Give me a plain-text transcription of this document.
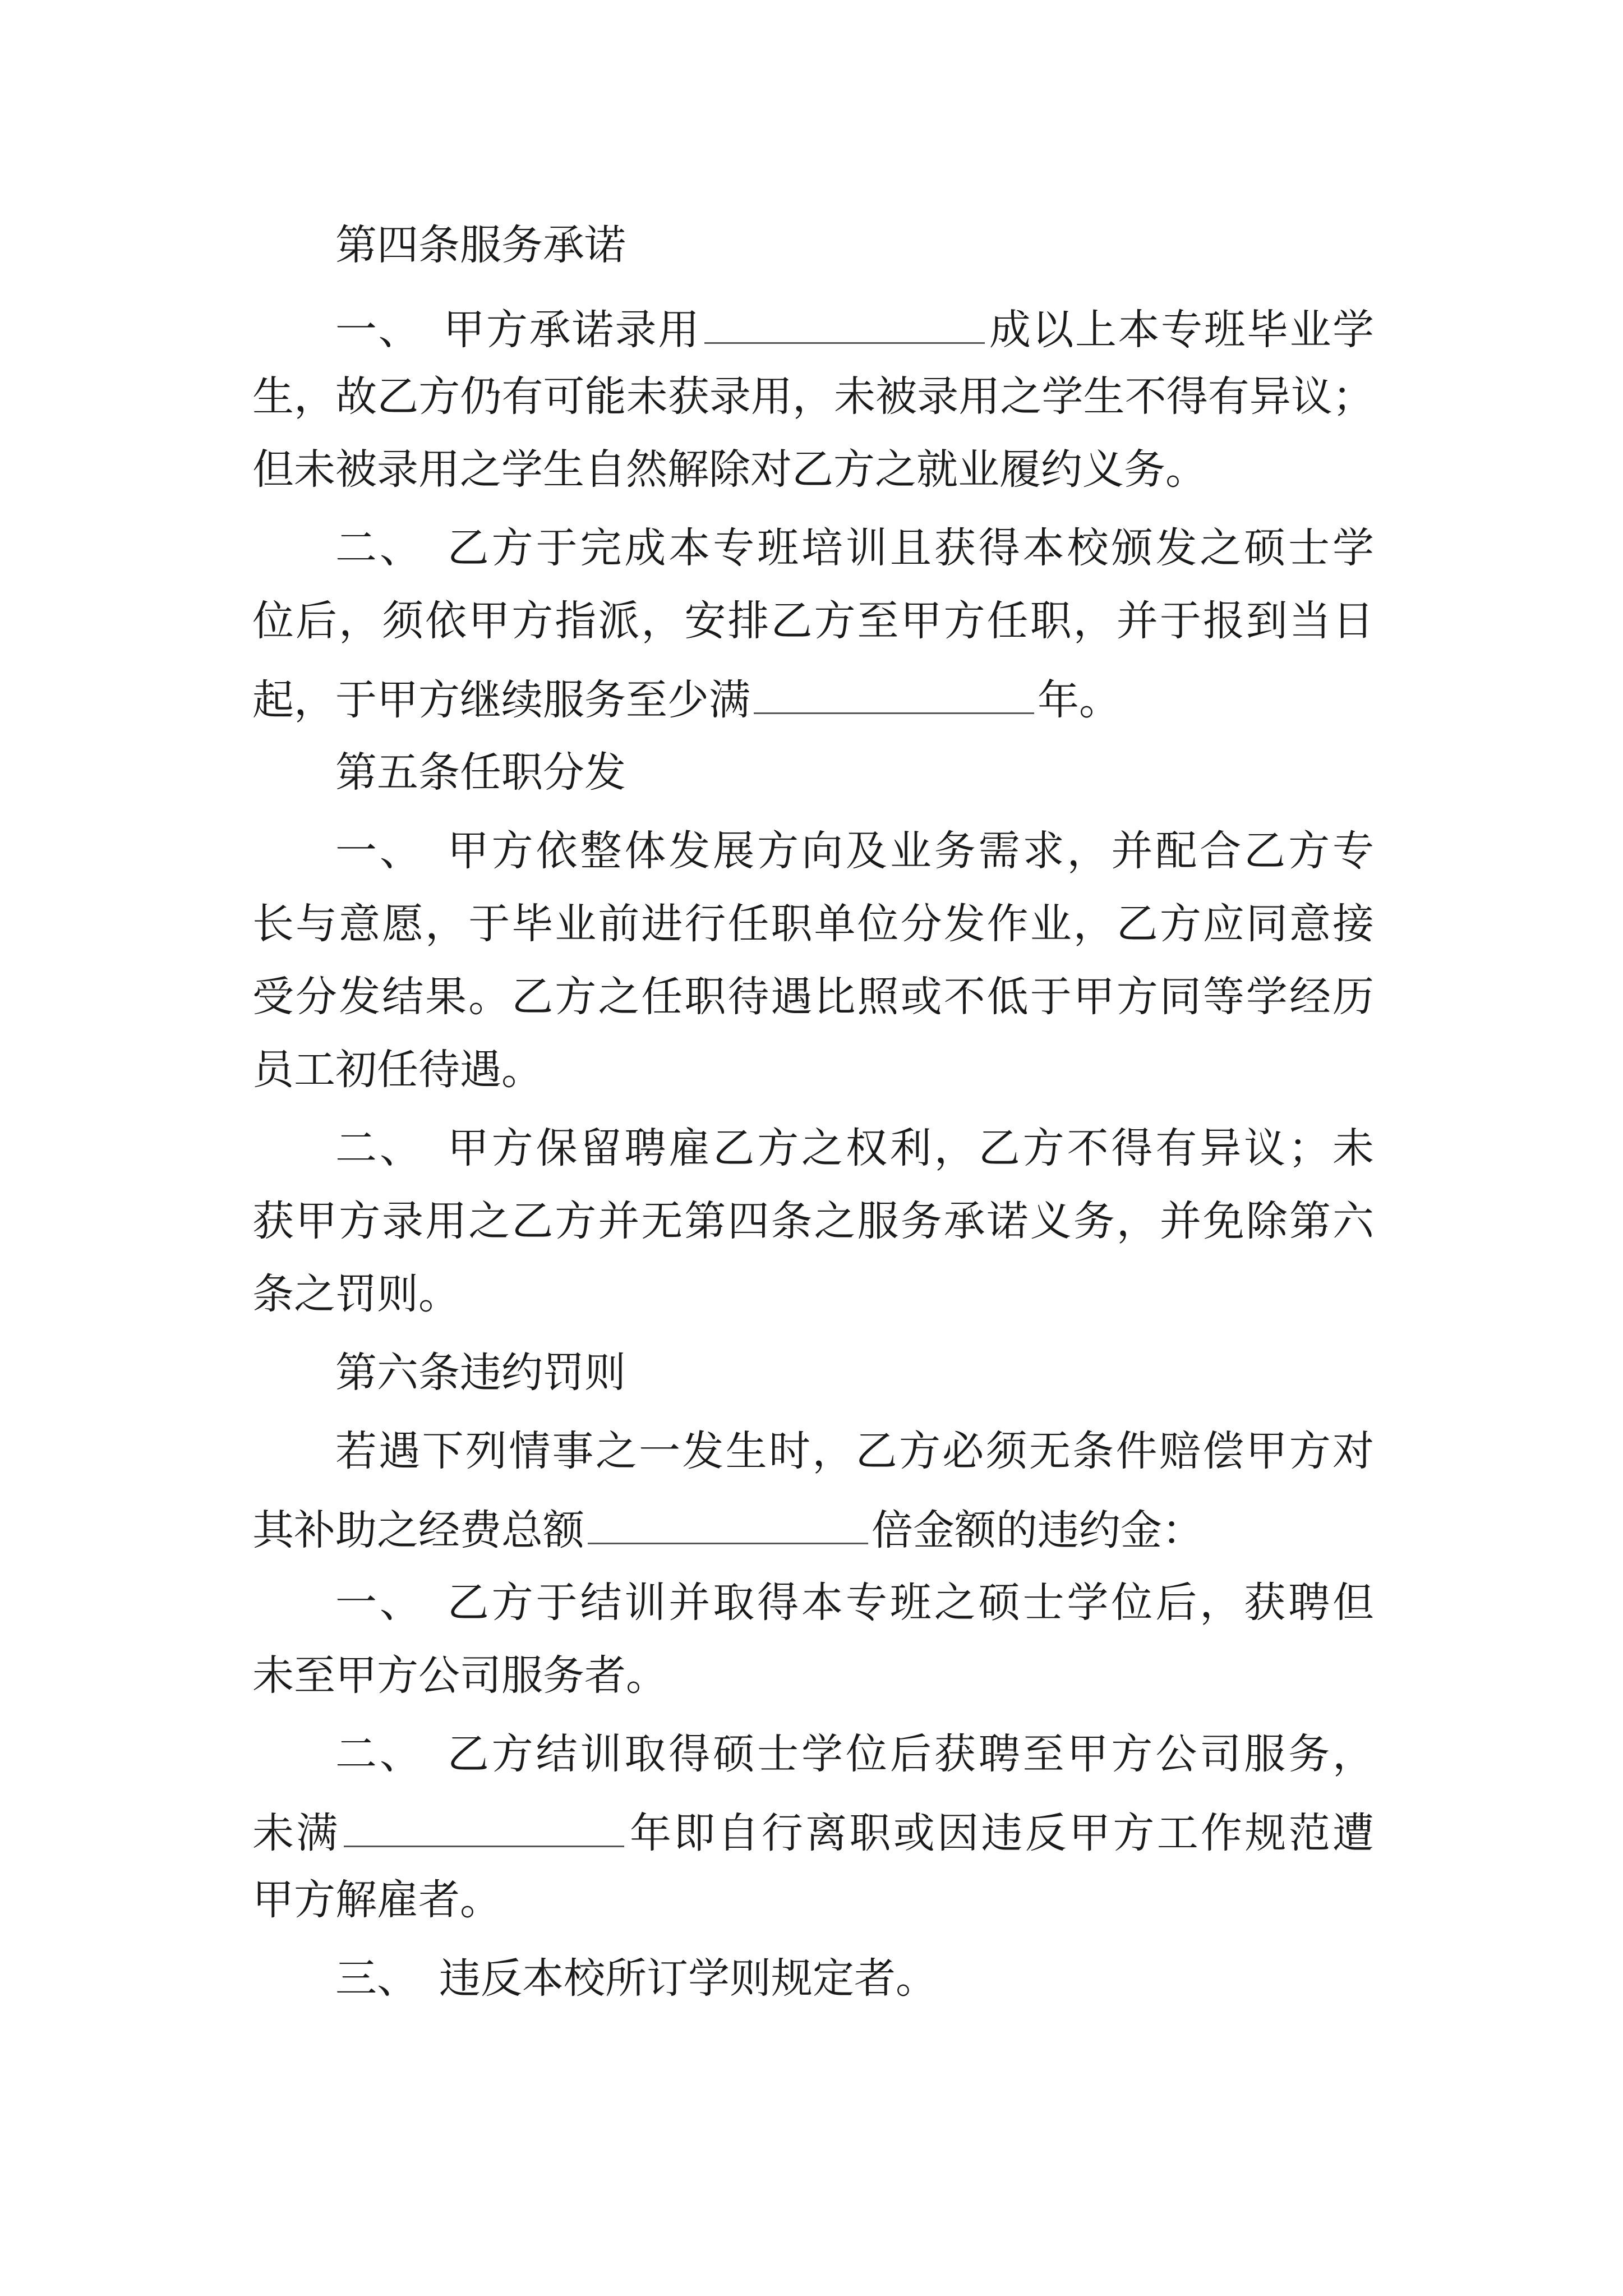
第四条服务承诺
一、　甲方承诺录用	成以上本专班毕业学
生，故乙方仍有可能未获录用，未被录用之学生不得有异议；
但未被录用之学生自然解除对乙方之就业履约义务。
二、　乙方于完成本专班培训且获得本校颁发之硕士学
位后，须依甲方指派，安排乙方至甲方任职，并于报到当日
起，于甲方继续服务至少满	年。
第五条任职分发
一、　甲方依整体发展方向及业务需求，并配合乙方专
长与意愿，于毕业前进行任职单位分发作业，乙方应同意接
受分发结果。乙方之任职待遇比照或不低于甲方同等学经历
员工初任待遇。
二、　甲方保留聘雇乙方之权利，乙方不得有异议；未
获甲方录用之乙方并无第四条之服务承诺义务，并免除第六
条之罚则。
第六条违约罚则
若遇下列情事之一发生时，乙方必须无条件赔偿甲方对
其补助之经费总额	倍金额的违约金：
一、　乙方于结训并取得本专班之硕士学位后，获聘但
未至甲方公司服务者。
二、　乙方结训取得硕士学位后获聘至甲方公司服务，
未满	年即自行离职或因违反甲方工作规范遭
甲方解雇者。
三、　违反本校所订学则规定者。
